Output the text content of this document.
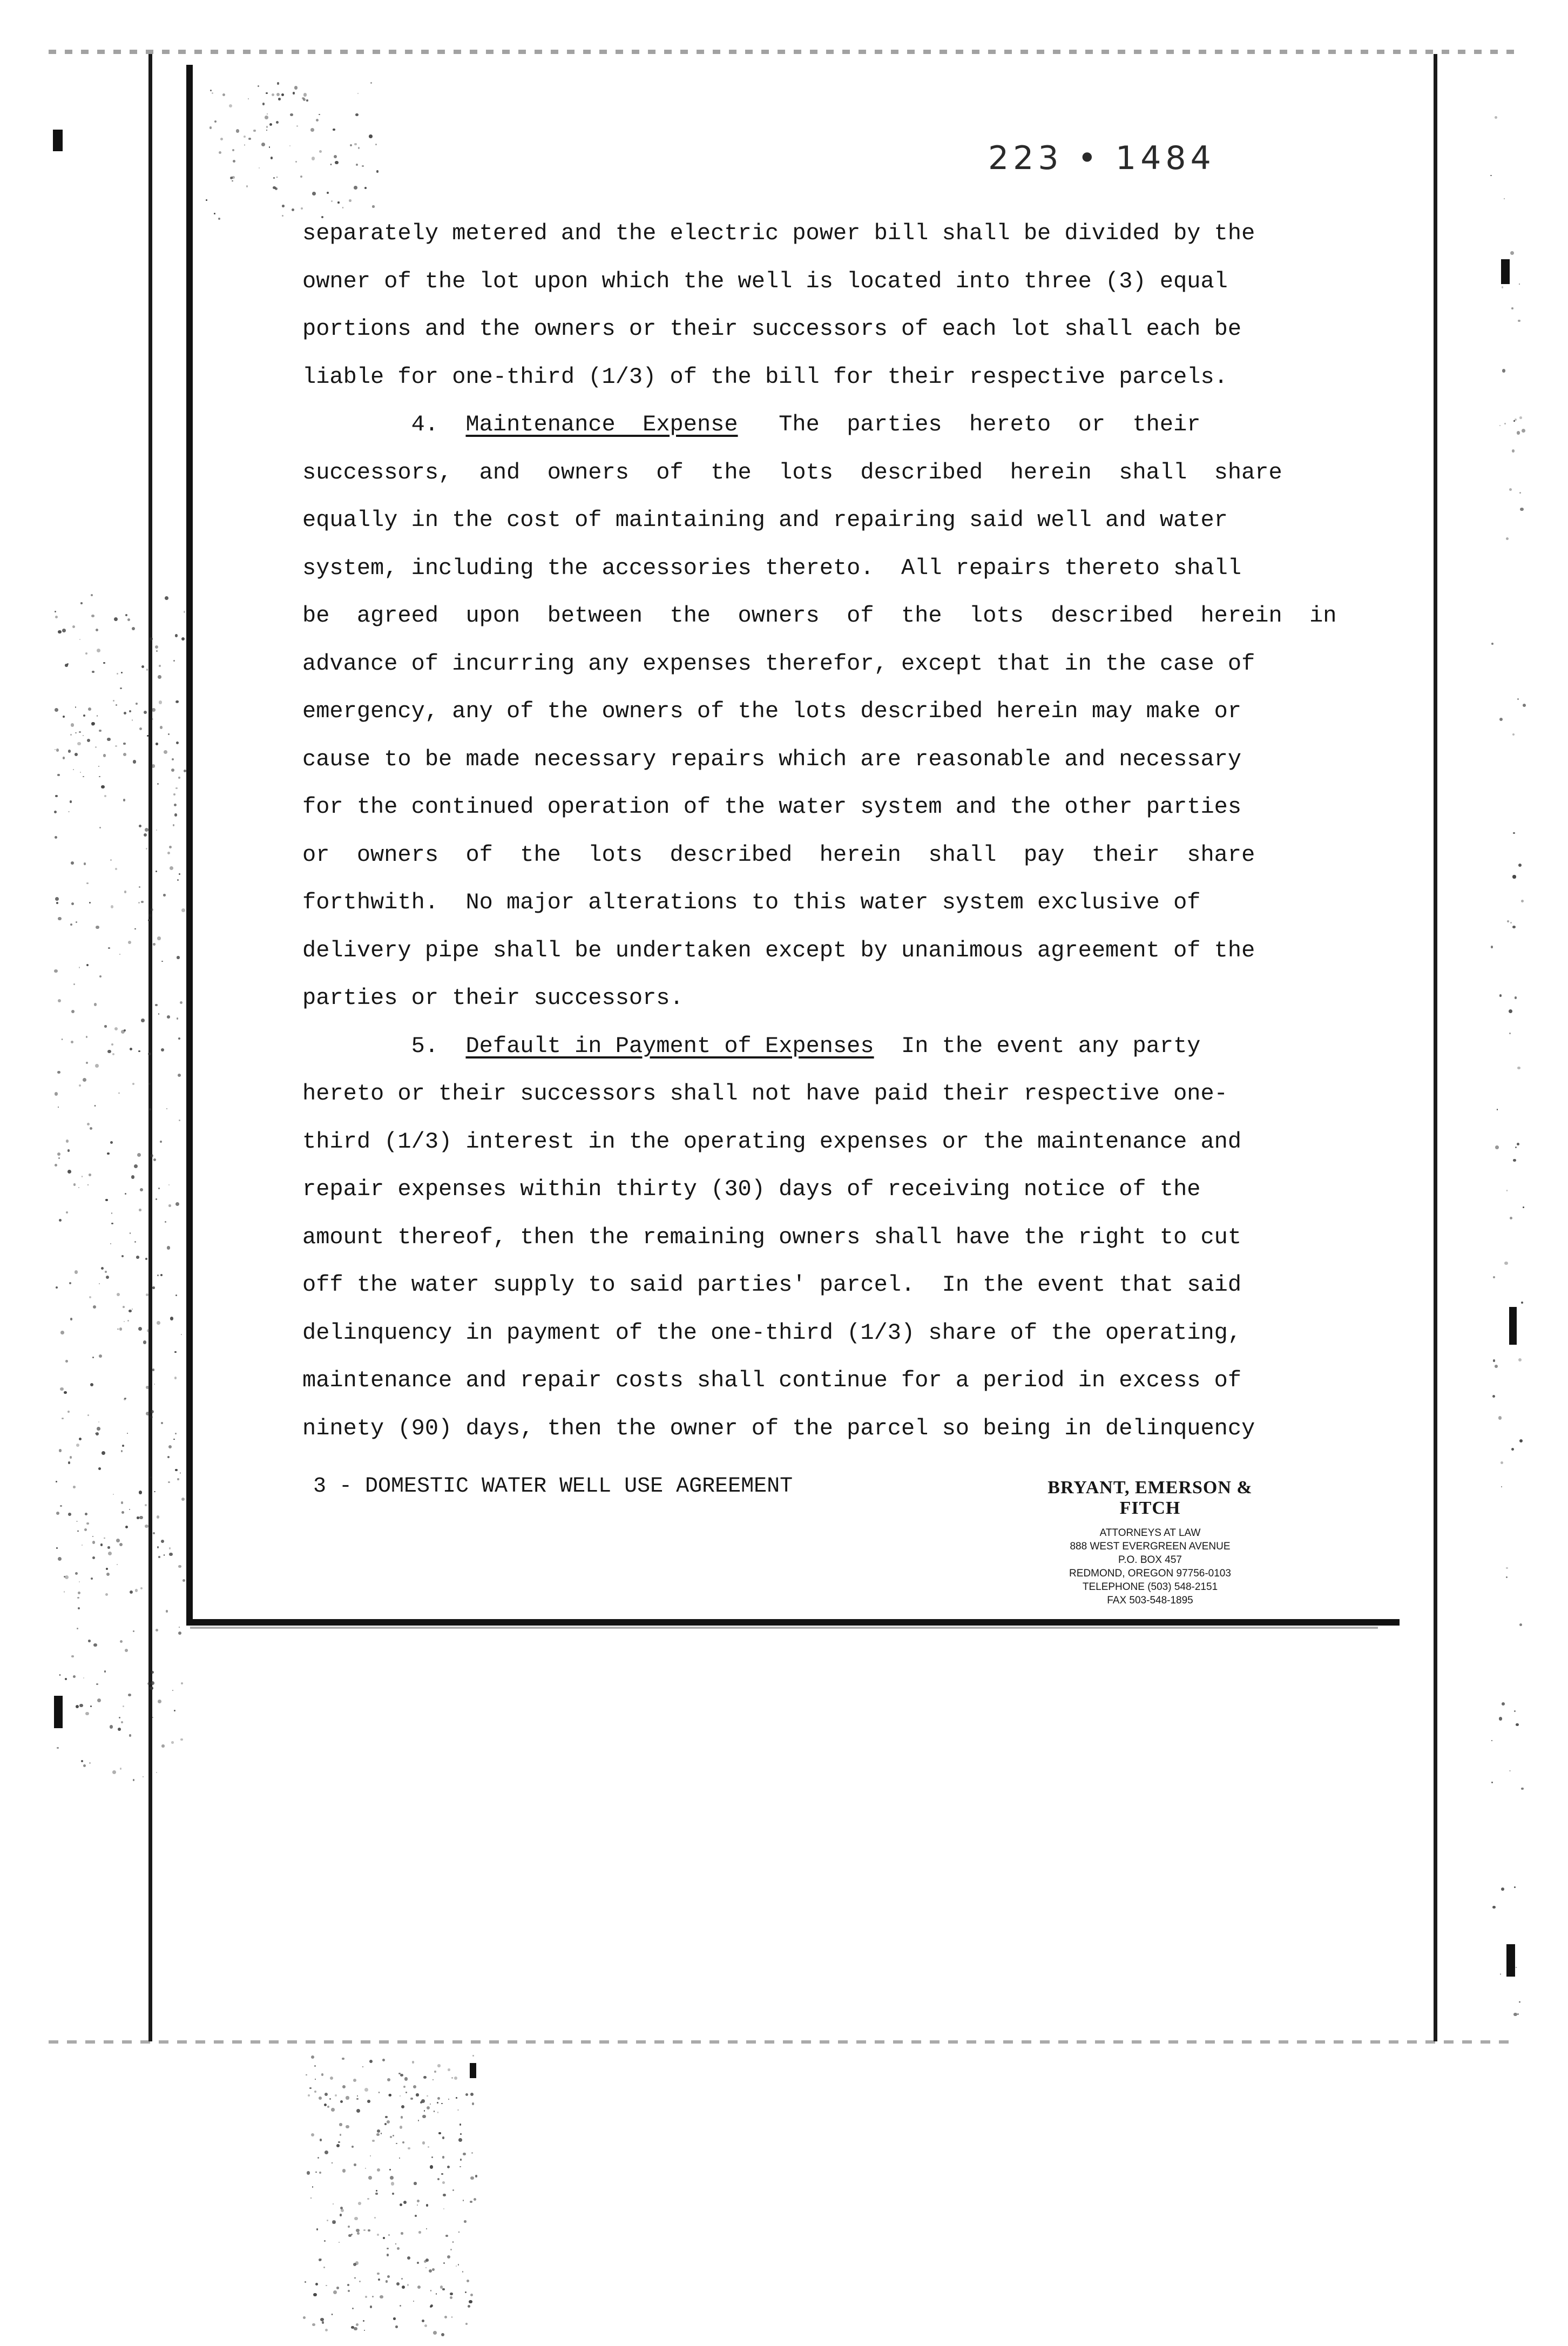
223 • 1484
separately metered and the electric power bill shall be divided by the
owner of the lot upon which the well is located into three (3) equal
portions and the owners or their successors of each lot shall each be
liable for one-third (1/3) of the bill for their respective parcels.
4.  Maintenance  Expense   The  parties  hereto  or  their
successors,  and  owners  of  the  lots  described  herein  shall  share
equally in the cost of maintaining and repairing said well and water
system, including the accessories thereto.  All repairs thereto shall
be  agreed  upon  between  the  owners  of  the  lots  described  herein  in
advance of incurring any expenses therefor, except that in the case of
emergency, any of the owners of the lots described herein may make or
cause to be made necessary repairs which are reasonable and necessary
for the continued operation of the water system and the other parties
or  owners  of  the  lots  described  herein  shall  pay  their  share
forthwith.  No major alterations to this water system exclusive of
delivery pipe shall be undertaken except by unanimous agreement of the
parties or their successors.
5.  Default in Payment of Expenses  In the event any party
hereto or their successors shall not have paid their respective one-
third (1/3) interest in the operating expenses or the maintenance and
repair expenses within thirty (30) days of receiving notice of the
amount thereof, then the remaining owners shall have the right to cut
off the water supply to said parties' parcel.  In the event that said
delinquency in payment of the one-third (1/3) share of the operating,
maintenance and repair costs shall continue for a period in excess of
ninety (90) days, then the owner of the parcel so being in delinquency
3 - DOMESTIC WATER WELL USE AGREEMENT	BRYANT, EMERSON & FITCH
ATTORNEYS AT LAW
888 WEST EVERGREEN AVENUE
P.O. BOX 457
REDMOND, OREGON 97756-0103
TELEPHONE (503) 548-2151
FAX 503-548-1895
